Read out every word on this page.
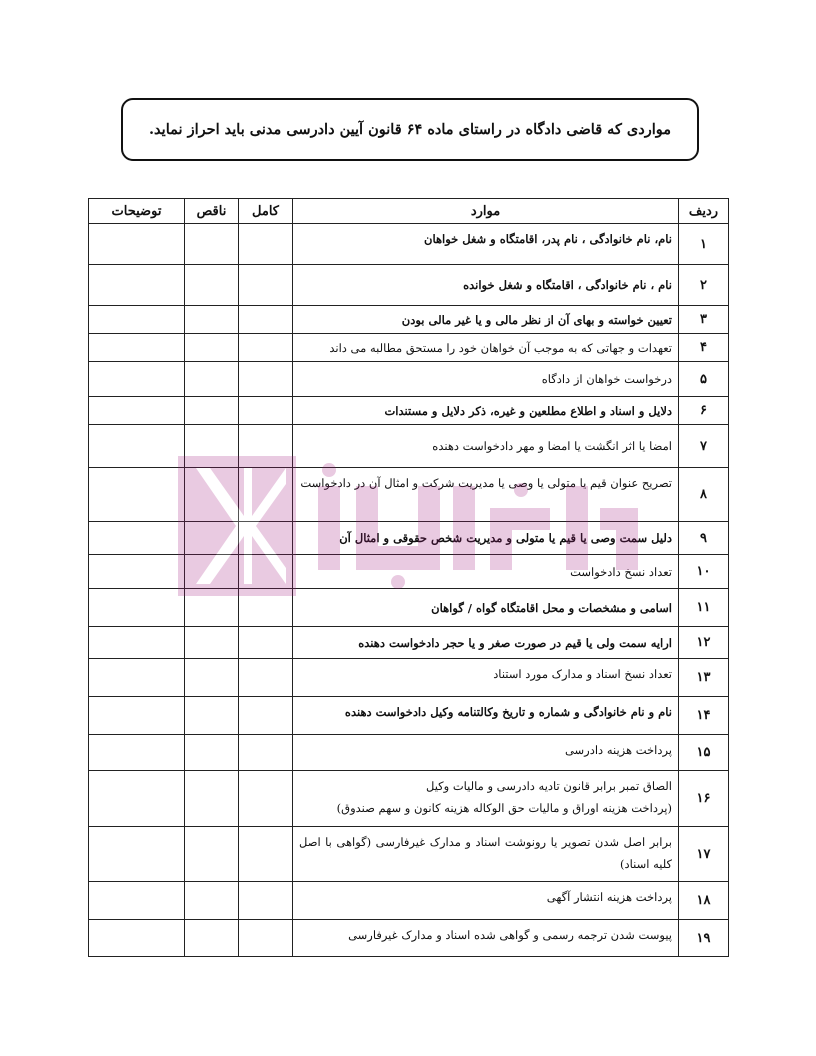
مواردی که قاضی دادگاه در راستای ماده ۶۴ قانون آیین دادرسی مدنی باید احراز نماید.
ردیف	موارد	کامل	ناقص	توضیحات
۱	نام، نام خانوادگی ، نام پدر، اقامتگاه و شغل خواهان			
۲	نام ، نام خانوادگی ، اقامتگاه و شغل خوانده			
۳	تعیین خواسته و بهای آن از نظر مالی و یا غیر مالی بودن			
۴	تعهدات و جهاتی که به موجب آن خواهان خود را مستحق مطالبه می داند			
۵	درخواست خواهان از دادگاه			
۶	دلایل و اسناد و اطلاع مطلعین و غیره، ذکر دلایل و مستندات			
۷	امضا یا اثر انگشت یا امضا و مهر دادخواست دهنده			
۸	تصریح عنوان قیم یا متولی یا وصی یا مدیریت شرکت و امثال آن در دادخواست			
۹	دلیل سمت وصی یا قیم یا متولی و مدیریت شخص حقوقی و امثال آن			
۱۰	تعداد نسخ دادخواست			
۱۱	اسامی و مشخصات و محل اقامتگاه گواه / گواهان			
۱۲	ارایه سمت ولی یا قیم در صورت صغر و یا حجر دادخواست دهنده			
۱۳	تعداد نسخ اسناد و مدارک مورد استناد			
۱۴	نام و نام خانوادگی و شماره و تاریخ وکالتنامه وکیل دادخواست دهنده			
۱۵	پرداخت هزینه دادرسی			
۱۶	الصاق تمبر برابر قانون تادیه دادرسی و مالیات وکیل
(پرداخت هزینه اوراق و مالیات حق الوکاله هزینه کانون و سهم صندوق)			

۱۷	برابر اصل شدن تصویر یا رونوشت اسناد و مدارک غیرفارسی (گواهی با اصل کلیه اسناد)			
۱۸	پرداخت هزینه انتشار آگهی			
۱۹	پیوست شدن ترجمه رسمی و گواهی شده اسناد و مدارک غیرفارسی			
